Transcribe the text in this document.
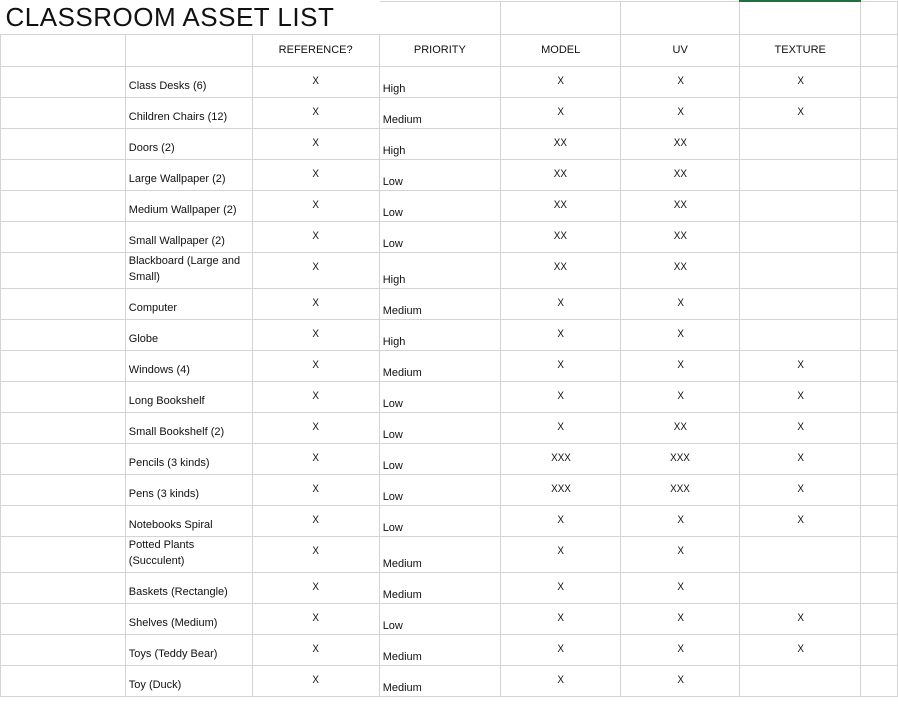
CLASSROOM ASSET LIST							
		REFERENCE?	PRIORITY	MODEL	UV	TEXTURE	
	Class Desks (6)	X	High	X	X	X	
	Children Chairs (12)	X	Medium	X	X	X	
	Doors (2)	X	High	XX	XX		
	Large Wallpaper (2)	X	Low	XX	XX		
	Medium Wallpaper (2)	X	Low	XX	XX		
	Small Wallpaper (2)	X	Low	XX	XX		
	Blackboard (Large and Small)	X	High	XX	XX		
	Computer	X	Medium	X	X		
	Globe	X	High	X	X		
	Windows (4)	X	Medium	X	X	X	
	Long Bookshelf	X	Low	X	X	X	
	Small Bookshelf (2)	X	Low	X	XX	X	
	Pencils (3 kinds)	X	Low	XXX	XXX	X	
	Pens (3 kinds)	X	Low	XXX	XXX	X	
	Notebooks Spiral	X	Low	X	X	X	
	Potted Plants (Succulent)	X	Medium	X	X		
	Baskets (Rectangle)	X	Medium	X	X		
	Shelves (Medium)	X	Low	X	X	X	
	Toys (Teddy Bear)	X	Medium	X	X	X	
	Toy (Duck)	X	Medium	X	X		
